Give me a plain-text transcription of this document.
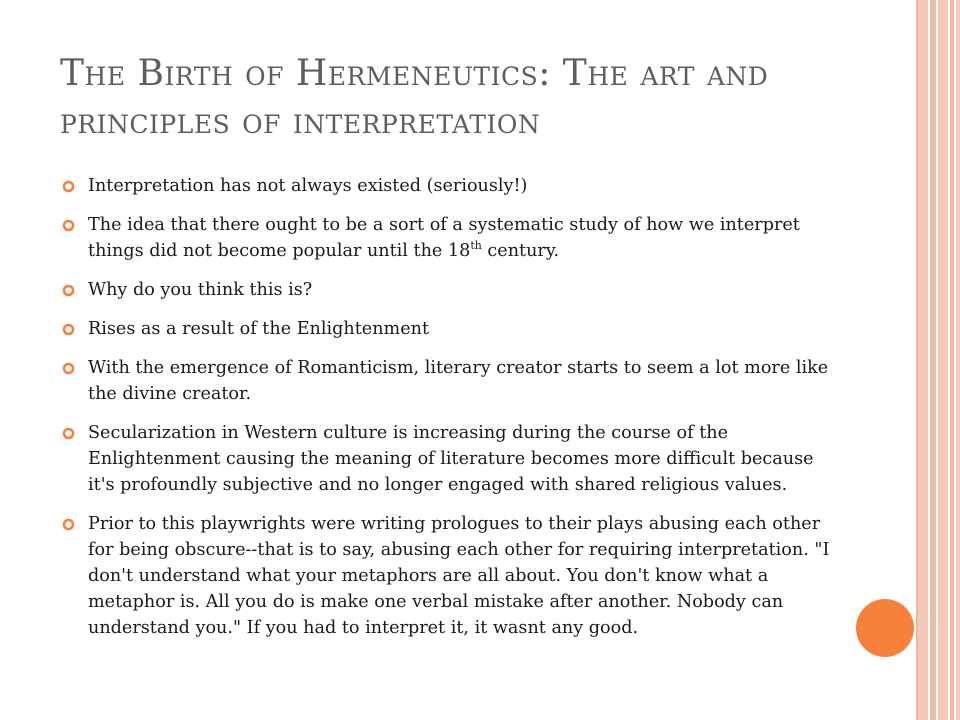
The Birth of Hermeneutics: The art and principles of interpretation
Interpretation has not always existed (seriously!)
The idea that there ought to be a sort of a systematic study of how we interpret things did not become popular until the 18th century.
Why do you think this is?
Rises as a result of the Enlightenment
With the emergence of Romanticism, literary creator starts to seem a lot more like the divine creator.
Secularization in Western culture is increasing during the course of the Enlightenment causing the meaning of literature becomes more difficult because it's profoundly subjective and no longer engaged with shared religious values.
Prior to this playwrights were writing prologues to their plays abusing each other for being obscure--that is to say, abusing each other for requiring interpretation. "I don't understand what your metaphors are all about. You don't know what a metaphor is. All you do is make one verbal mistake after another. Nobody can understand you." If you had to interpret it, it wasnt any good.
